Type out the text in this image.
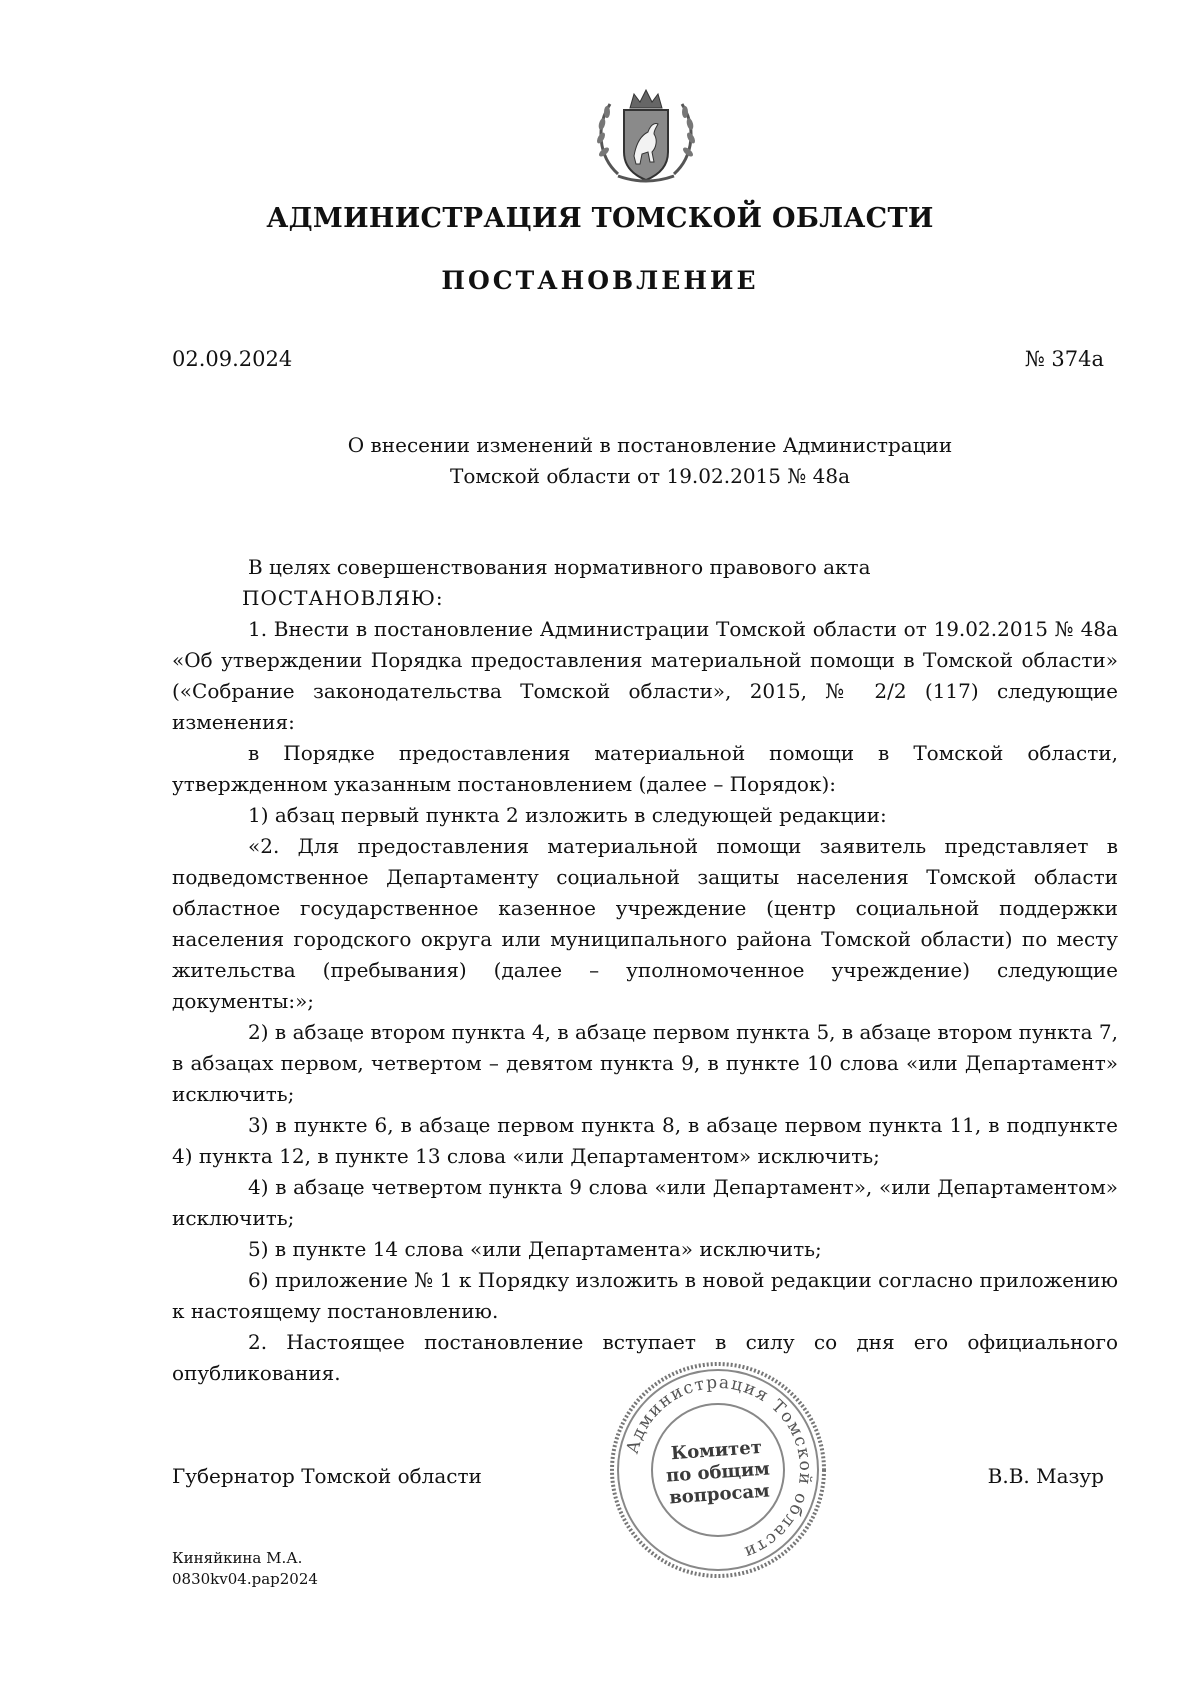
АДМИНИСТРАЦИЯ ТОМСКОЙ ОБЛАСТИ
ПОСТАНОВЛЕНИЕ
02.09.2024	№ 374а
О внесении изменений в постановление Администрации
Томской области от 19.02.2015 № 48а

В целях совершенствования нормативного правового акта

ПОСТАНОВЛЯЮ:

1. Внести в постановление Администрации Томской области от 19.02.2015 № 48а «Об утверждении Порядка предоставления материальной помощи в Томской области» («Собрание законодательства Томской области», 2015, № 2/2 (117) следующие изменения:

в Порядке предоставления материальной помощи в Томской области, утвержденном указанным постановлением (далее – Порядок):

1) абзац первый пункта 2 изложить в следующей редакции:

«2. Для предоставления материальной помощи заявитель представляет в подведомственное Департаменту социальной защиты населения Томской области областное государственное казенное учреждение (центр социальной поддержки населения городского округа или муниципального района Томской области) по месту жительства (пребывания) (далее – уполномоченное учреждение) следующие документы:»;

2) в абзаце втором пункта 4, в абзаце первом пункта 5, в абзаце втором пункта 7, в абзацах первом, четвертом – девятом пункта 9, в пункте 10 слова «или Департамент» исключить;

3) в пункте 6, в абзаце первом пункта 8, в абзаце первом пункта 11, в подпункте 4) пункта 12, в пункте 13 слова «или Департаментом» исключить;

4) в абзаце четвертом пункта 9 слова «или Департамент», «или Департаментом» исключить;

5) в пункте 14 слова «или Департамента» исключить;

6) приложение № 1 к Порядку изложить в новой редакции согласно приложению к настоящему постановлению.

2. Настоящее постановление вступает в силу со дня его официального опубликования.

Администрация Томской области
Комитет
по общим
вопросам
Губернатор Томской области	В.В. Мазур
Киняйкина М.А.
0830kv04.рар2024
